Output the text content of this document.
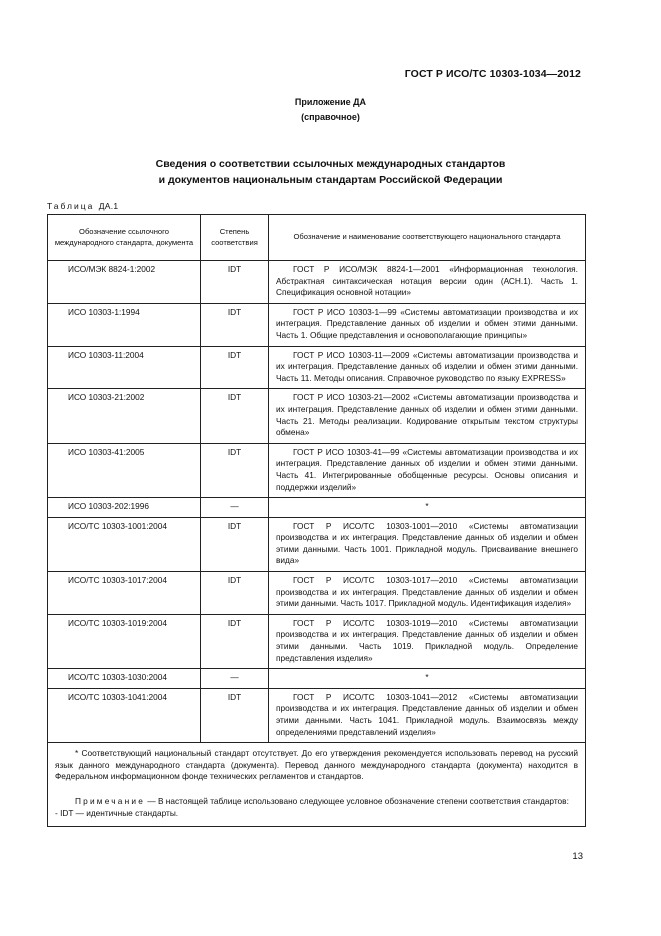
ГОСТ Р ИСО/ТС 10303-1034—2012
Приложение ДА
(справочное)
Сведения о соответствии ссылочных международных стандартов
и документов национальным стандартам Российской Федерации
Таблица ДА.1
Обозначение ссылочного международного стандарта, документа	Степень соответствия	Обозначение и наименование соответствующего национального стандарта
ИСО/МЭК 8824-1:2002	IDT	ГОСТ Р ИСО/МЭК 8824-1—2001 «Информационная технология. Абстрактная синтаксическая нотация версии один (АСН.1). Часть 1. Спецификация основной нотации»
ИСО 10303-1:1994	IDT	ГОСТ Р ИСО 10303-1—99 «Системы автоматизации производства и их интеграция. Представление данных об изделии и обмен этими данными. Часть 1. Общие представления и основополагающие принципы»
ИСО 10303-11:2004	IDT	ГОСТ Р ИСО 10303-11—2009 «Системы автоматизации производства и их интеграция. Представление данных об изделии и обмен этими данными. Часть 11. Методы описания. Справочное руководство по языку EXPRESS»
ИСО 10303-21:2002	IDT	ГОСТ Р ИСО 10303-21—2002 «Системы автоматизации производства и их интеграция. Представление данных об изделии и обмен этими данными. Часть 21. Методы реализации. Кодирование открытым текстом структуры обмена»
ИСО 10303-41:2005	IDT	ГОСТ Р ИСО 10303-41—99 «Системы автоматизации производства и их интеграция. Представление данных об изделии и обмен этими данными. Часть 41. Интегрированные обобщенные ресурсы. Основы описания и поддержки изделий»
ИСО 10303-202:1996	—	*
ИСО/ТС 10303-1001:2004	IDT	ГОСТ Р ИСО/ТС 10303-1001—2010 «Системы автоматизации производства и их интеграция. Представление данных об изделии и обмен этими данными. Часть 1001. Прикладной модуль. Присваивание внешнего вида»
ИСО/ТС 10303-1017:2004	IDT	ГОСТ Р ИСО/ТС 10303-1017—2010 «Системы автоматизации производства и их интеграция. Представление данных об изделии и обмен этими данными. Часть 1017. Прикладной модуль. Идентификация изделия»
ИСО/ТС 10303-1019:2004	IDT	ГОСТ Р ИСО/ТС 10303-1019—2010 «Системы автоматизации производства и их интеграция. Представление данных об изделии и обмен этими данными. Часть 1019. Прикладной модуль. Определение представления изделия»
ИСО/ТС 10303-1030:2004	—	*
ИСО/ТС 10303-1041:2004	IDT	ГОСТ Р ИСО/ТС 10303-1041—2012 «Системы автоматизации производства и их интеграция. Представление данных об изделии и обмен этими данными. Часть 1041. Прикладной модуль. Взаимосвязь между определениями представлений изделия»

* Соответствующий национальный стандарт отсутствует. До его утверждения рекомендуется использовать перевод на русский язык данного международного стандарта (документа). Перевод данного международного стандарта (документа) находится в Федеральном информационном фонде технических регламентов и стандартов.

Примечание — В настоящей таблице использовано следующее условное обозначение степени соответствия стандартов:

- IDT — идентичные стандарты.		

13
